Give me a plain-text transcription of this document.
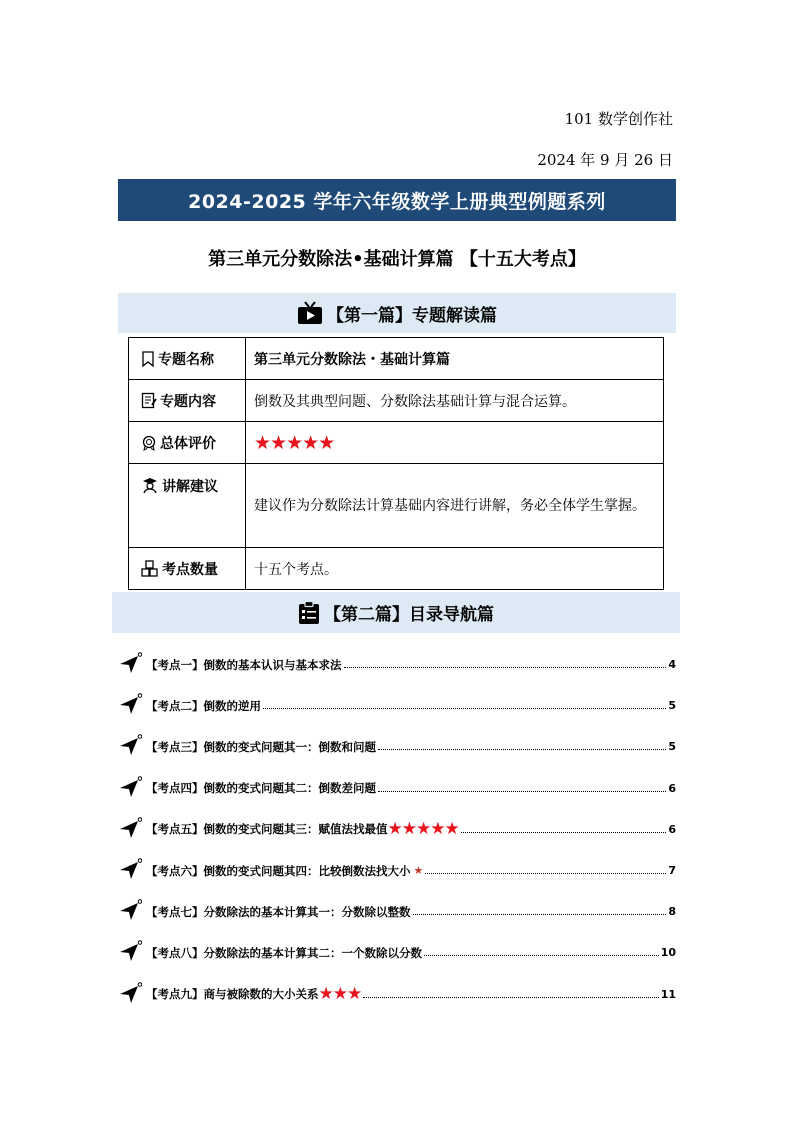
101 数学创作社
2024 年 9 月 26 日
2024-2025 学年六年级数学上册典型例题系列
第三单元分数除法•基础计算篇 【十五大考点】
【第一篇】专题解读篇
专题名称	第三单元分数除法・基础计算篇
专题内容	倒数及其典型问题、分数除法基础计算与混合运算。
总体评价	★★★★★
讲解建议	建议作为分数除法计算基础内容进行讲解，务必全体学生掌握。
考点数量	十五个考点。
【第二篇】目录导航篇
【考点一】倒数的基本认识与基本求法	4
【考点二】倒数的逆用	5
【考点三】倒数的变式问题其一：倒数和问题	5
【考点四】倒数的变式问题其二：倒数差问题	6
【考点五】倒数的变式问题其三：赋值法找最值 ★★★★★	6
【考点六】倒数的变式问题其四：比较倒数法找大小 ★	7
【考点七】分数除法的基本计算其一：分数除以整数	8
【考点八】分数除法的基本计算其二：一个数除以分数	10
【考点九】商与被除数的大小关系 ★★★	11
